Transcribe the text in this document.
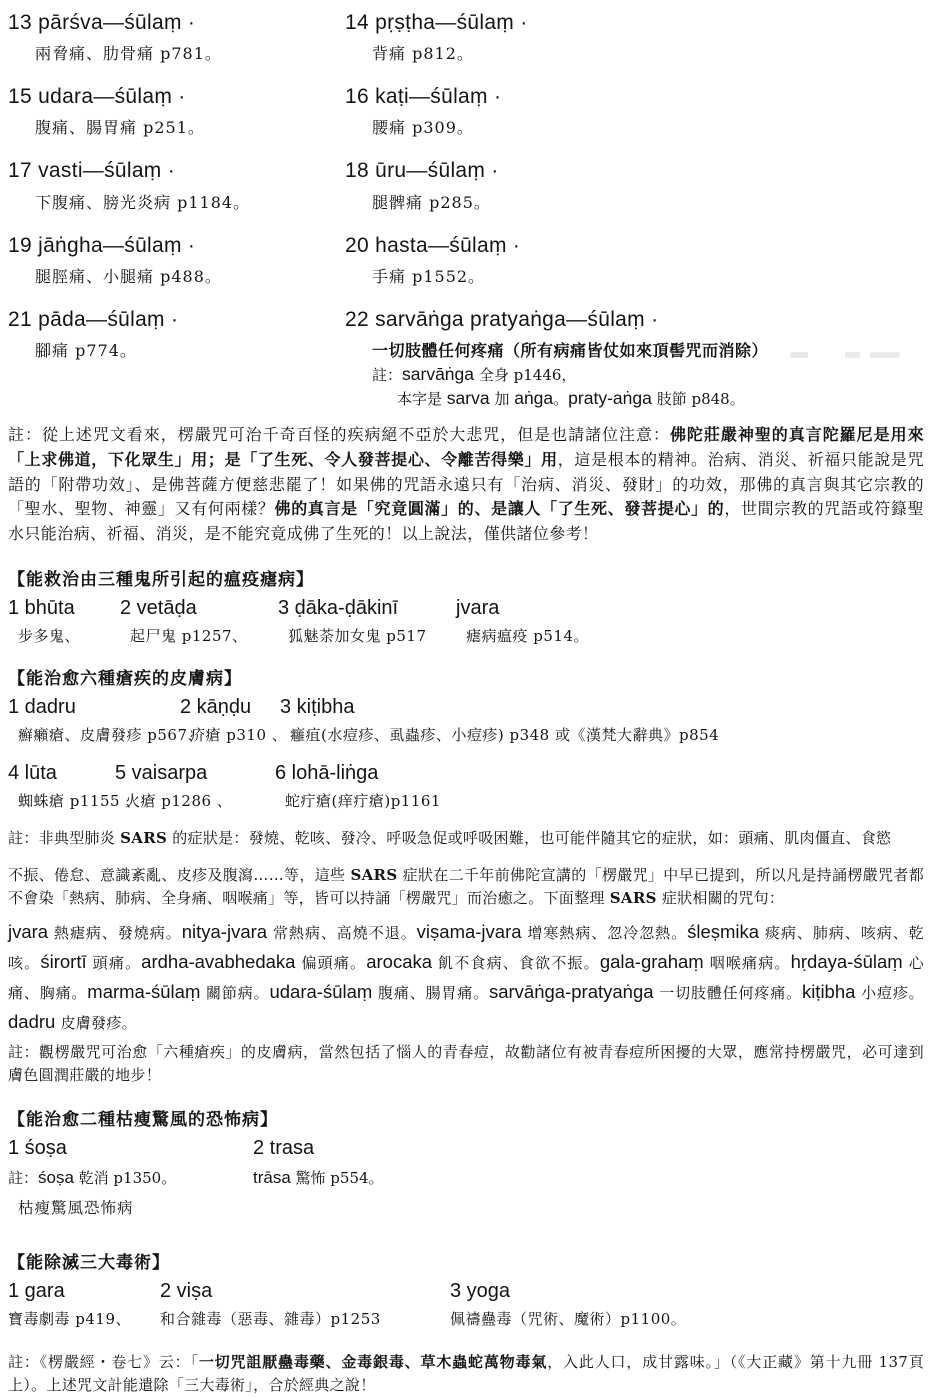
13 pārśva—śūlaṃ ·
兩脅痛、肋骨痛 p781。
14 pṛṣṭha—śūlaṃ ·
背痛 p812。
15 udara—śūlaṃ ·
腹痛、腸胃痛 p251。
16 kaṭi—śūlaṃ ·
腰痛 p309。
17 vasti—śūlaṃ ·
下腹痛、膀光炎病 p1184。
18 ūru—śūlaṃ ·
腿髀痛 p285。
19 jāṅgha—śūlaṃ ·
腿脛痛、小腿痛 p488。
20 hasta—śūlaṃ ·
手痛 p1552。
21 pāda—śūlaṃ ·
腳痛 p774。
22 sarvāṅga pratyaṅga—śūlaṃ ·
一切肢體任何疼痛（所有病痛皆仗如來頂髻咒而消除）
註：sarvāṅga 全身 p1446，
本字是 sarva 加 aṅga。praty-aṅga 肢節 p848。

註：從上述咒文看來，楞嚴咒可治千奇百怪的疾病絕不亞於大悲咒，但是也請諸位注意：佛陀莊嚴神聖的真言陀羅尼是用來「上求佛道，下化眾生」用；是「了生死、令人發菩提心、令離苦得樂」用，這是根本的精神。治病、消災、祈福只能說是咒語的「附帶功效」、是佛菩薩方便慈悲罷了！如果佛的咒語永遠只有「治病、消災、發財」的功效，那佛的真言與其它宗教的「聖水、聖物、神靈」又有何兩樣？佛的真言是「究竟圓滿」的、是讓人「了生死、發菩提心」的，世間宗教的咒語或符籙聖水只能治病、祈福、消災，是不能究竟成佛了生死的！以上說法，僅供諸位參考！

【能救治由三種鬼所引起的瘟疫瘧病】
1 bhūta
步多鬼、
2 vetāḍa
起尸鬼 p1257、
3 ḍāka-ḍākinī
狐魅荼加女鬼 p517
jvara
瘧病瘟疫 p514。
【能治愈六種瘡疾的皮膚病】
1 dadru
癬癩瘡、皮膚發疹 p567、
2 kāṇḍu
疥瘡 p310 、
3 kiṭibha
癰疽(水痘疹、虱蟲疹、小痘疹) p348 或《漢梵大辭典》p854
4 lūta
蜘蛛瘡 p1155 、
5 vaisarpa
火瘡 p1286 、
6 lohā-liṅga
蛇疔瘡(痒疔瘡)p1161

註：非典型肺炎 SARS 的症狀是：發燒、乾咳、發冷、呼吸急促或呼吸困難，也可能伴隨其它的症狀，如：頭痛、肌肉僵直、食慾

不振、倦怠、意識紊亂、皮疹及腹瀉……等，這些 SARS 症狀在二千年前佛陀宣講的「楞嚴咒」中早已提到，所以凡是持誦楞嚴咒者都不會染「熱病、肺病、全身痛、咽喉痛」等，皆可以持誦「楞嚴咒」而治癒之。下面整理 SARS 症狀相關的咒句：

jvara 熱瘧病、發燒病。nitya-jvara 常熱病、高燒不退。viṣama-jvara 增寒熱病、忽冷忽熱。śleṣmika 痰病、肺病、咳病、乾咳。śirortī 頭痛。ardha-avabhedaka 偏頭痛。arocaka 飢不食病、食欲不振。gala-grahaṃ 咽喉痛病。hṛdaya-śūlaṃ 心痛、胸痛。marma-śūlaṃ 關節病。udara-śūlaṃ 腹痛、腸胃痛。sarvāṅga-pratyaṅga 一切肢體任何疼痛。kiṭibha 小痘疹。dadru 皮膚發疹。

註：觀楞嚴咒可治愈「六種瘡疾」的皮膚病，當然包括了惱人的青春痘，故勸諸位有被青春痘所困擾的大眾，應常持楞嚴咒，必可達到膚色圓潤莊嚴的地步！

【能治愈二種枯瘦驚風的恐怖病】
1 śoṣa	2 trasa
註：śoṣa 乾消 p1350。	trāsa 驚怖 p554。
枯瘦驚風恐怖病
【能除滅三大毒術】
1 gara
寶毒劇毒 p419、
2 viṣa
和合雜毒（惡毒、雜毒）p1253
3 yoga
佩禱蠱毒（咒術、魔術）p1100。

註：《楞嚴經・卷七》云：「一切咒詛厭蠱毒藥、金毒銀毒、草木蟲蛇萬物毒氣，入此人口，成甘露味。」（《大正藏》第十九冊 137頁上）。上述咒文計能遣除「三大毒術」，合於經典之說！
